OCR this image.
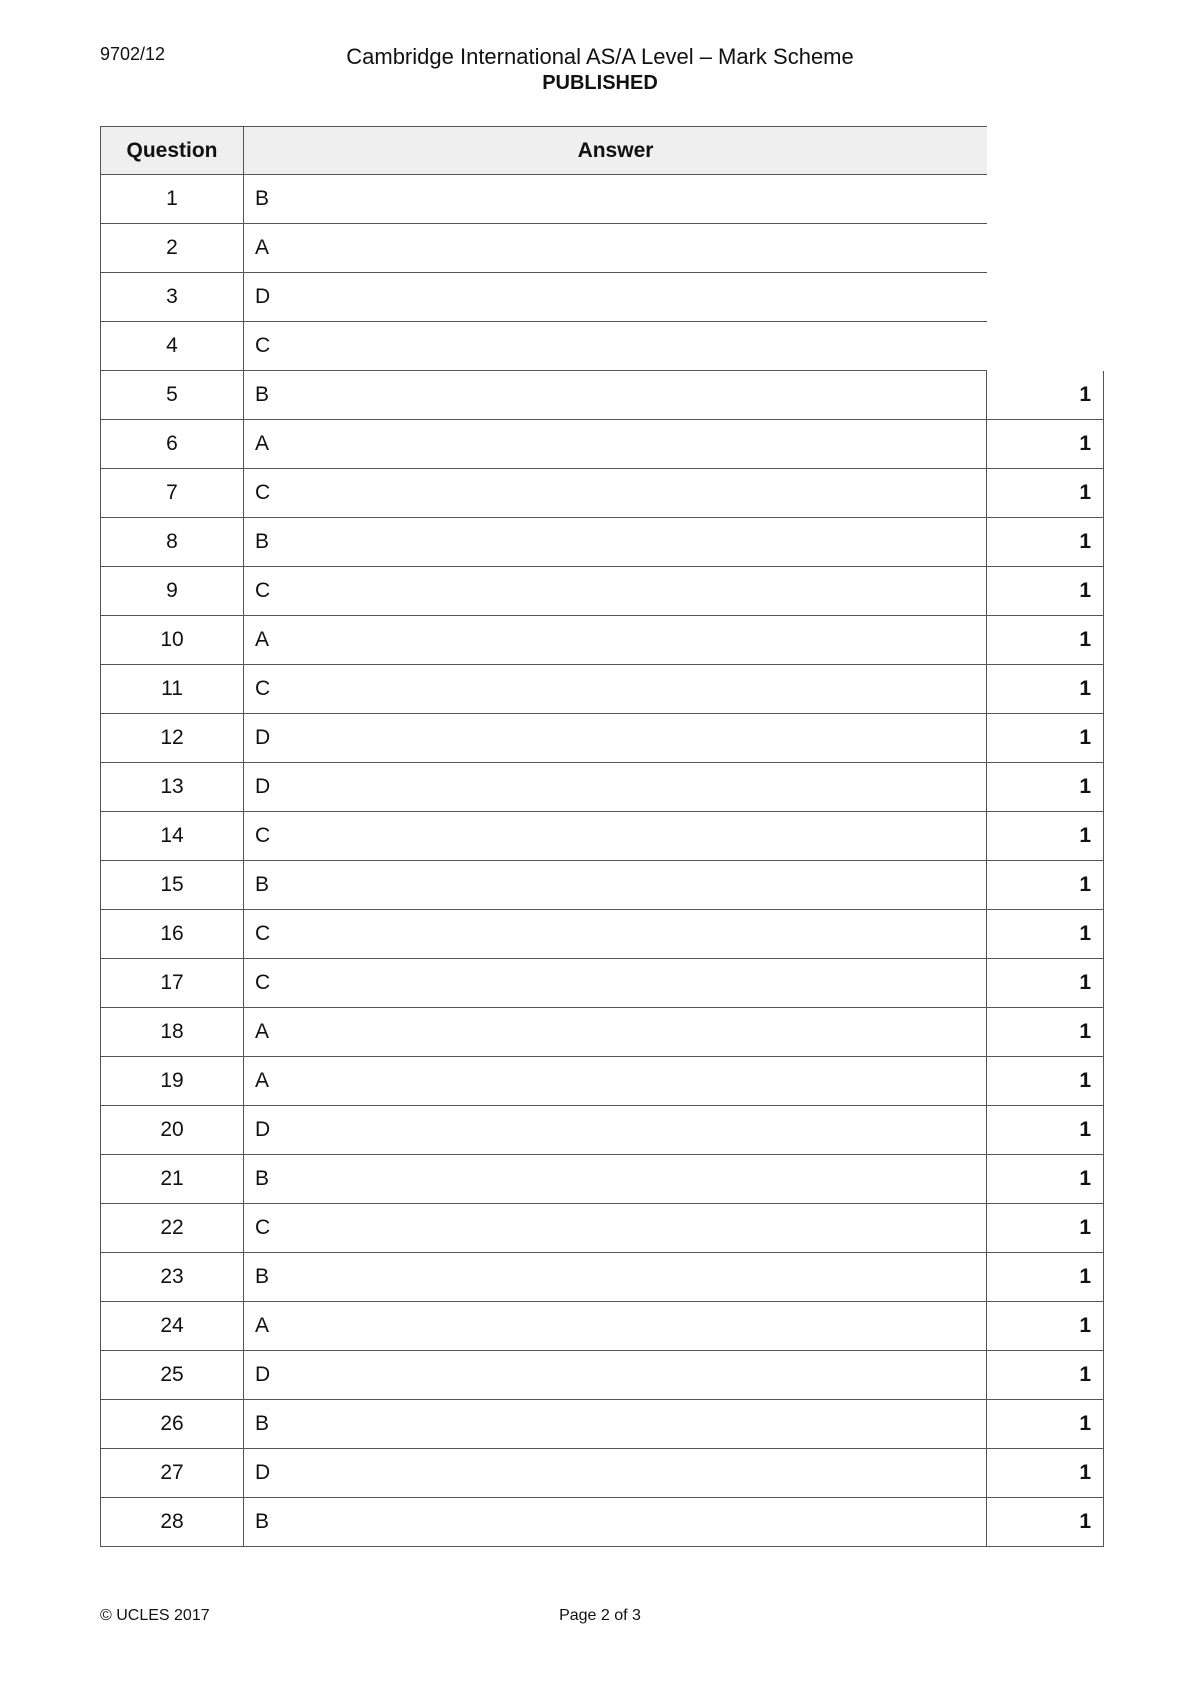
9702/12	Cambridge International AS/A Level – Mark Scheme
PUBLISHED
Question	Answer
1	B
2	A
3	D
4	C
5	B	1
6	A	1
7	C	1
8	B	1
9	C	1
10	A	1
11	C	1
12	D	1
13	D	1
14	C	1
15	B	1
16	C	1
17	C	1
18	A	1
19	A	1
20	D	1
21	B	1
22	C	1
23	B	1
24	A	1
25	D	1
26	B	1
27	D	1
28	B	1
© UCLES 2017	Page 2 of 3
